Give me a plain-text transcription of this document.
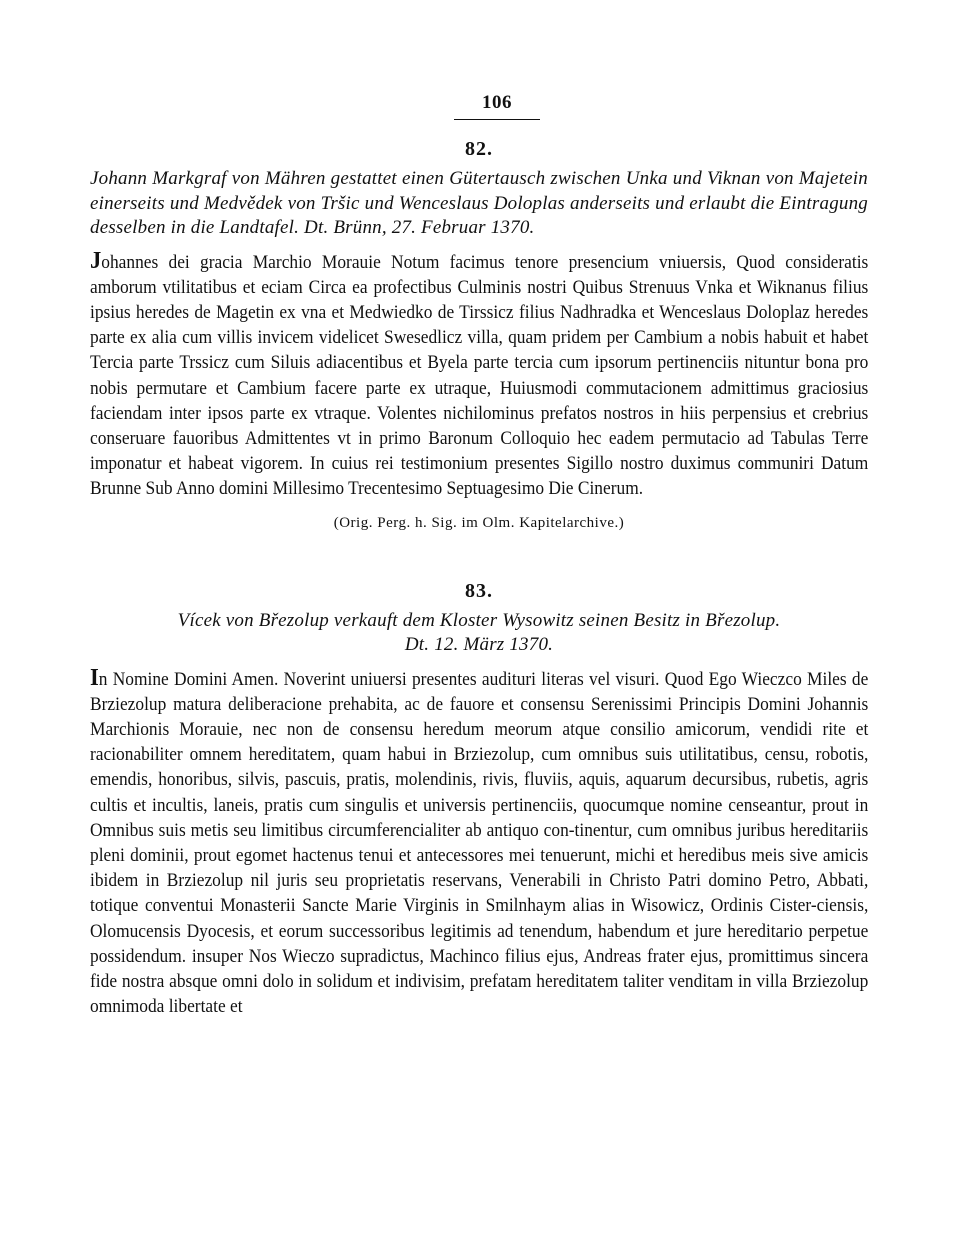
106
82.
Johann Markgraf von Mähren gestattet einen Gütertausch zwischen Unka und Viknan von Majetein einerseits und Medvědek von Tršic und Wenceslaus Doloplas anderseits und erlaubt die Eintragung desselben in die Landtafel. Dt. Brünn, 27. Februar 1370.
Johannes dei gracia Marchio Morauie Notum facimus tenore presencium vniuersis, Quod consideratis amborum vtilitatibus et eciam Circa ea profectibus Culminis nostri Quibus Strenuus Vnka et Wiknanus filius ipsius heredes de Magetin ex vna et Medwiedko de Tirssicz filius Nadhradka et Wenceslaus Doloplaz heredes parte ex alia cum villis invicem videlicet Swesedlicz villa, quam pridem per Cambium a nobis habuit et habet Tercia parte Trssicz cum Siluis adiacentibus et Byela parte tercia cum ipsorum pertinenciis nituntur bona pro nobis permutare et Cambium facere parte ex utraque, Huiusmodi commutacionem admittimus graciosius faciendam inter ipsos parte ex vtraque. Volentes nichilominus prefatos nostros in hiis perpensius et crebrius conseruare fauoribus Admittentes vt in primo Baronum Colloquio hec eadem permutacio ad Tabulas Terre imponatur et habeat vigorem. In cuius rei testimonium presentes Sigillo nostro duximus communiri Datum Brunne Sub Anno domini Millesimo Trecentesimo Septuagesimo Die Cinerum.
(Orig. Perg. h. Sig. im Olm. Kapitelarchive.)
83.
Vícek von Březolup verkauft dem Kloster Wysowitz seinen Besitz in Březolup.
Dt. 12. März 1370.
In Nomine Domini Amen. Noverint uniuersi presentes audituri literas vel visuri. Quod Ego Wieczco Miles de Brziezolup matura deliberacione prehabita, ac de fauore et consensu Serenissimi Principis Domini Johannis Marchionis Morauie, nec non de consensu heredum meorum atque consilio amicorum, vendidi rite et racionabiliter omnem hereditatem, quam habui in Brziezolup, cum omnibus suis utilitatibus, censu, robotis, emendis, honoribus, silvis, pascuis, pratis, molendinis, rivis, fluviis, aquis, aquarum decursibus, rubetis, agris cultis et incultis, laneis, pratis cum singulis et universis pertinenciis, quocumque nomine censeantur, prout in Omnibus suis metis seu limitibus circumferencialiter ab antiquo con-tinentur, cum omnibus juribus hereditariis pleni dominii, prout egomet hactenus tenui et antecessores mei tenuerunt, michi et heredibus meis sive amicis ibidem in Brziezolup nil juris seu proprietatis reservans, Venerabili in Christo Patri domino Petro, Abbati, totique conventui Monasterii Sancte Marie Virginis in Smilnhaym alias in Wisowicz, Ordinis Cister-ciensis, Olomucensis Dyocesis, et eorum successoribus legitimis ad tenendum, habendum et jure hereditario perpetue possidendum. insuper Nos Wieczo supradictus, Machinco filius ejus, Andreas frater ejus, promittimus sincera fide nostra absque omni dolo in solidum et indivisim, prefatam hereditatem taliter venditam in villa Brziezolup omnimoda libertate et
